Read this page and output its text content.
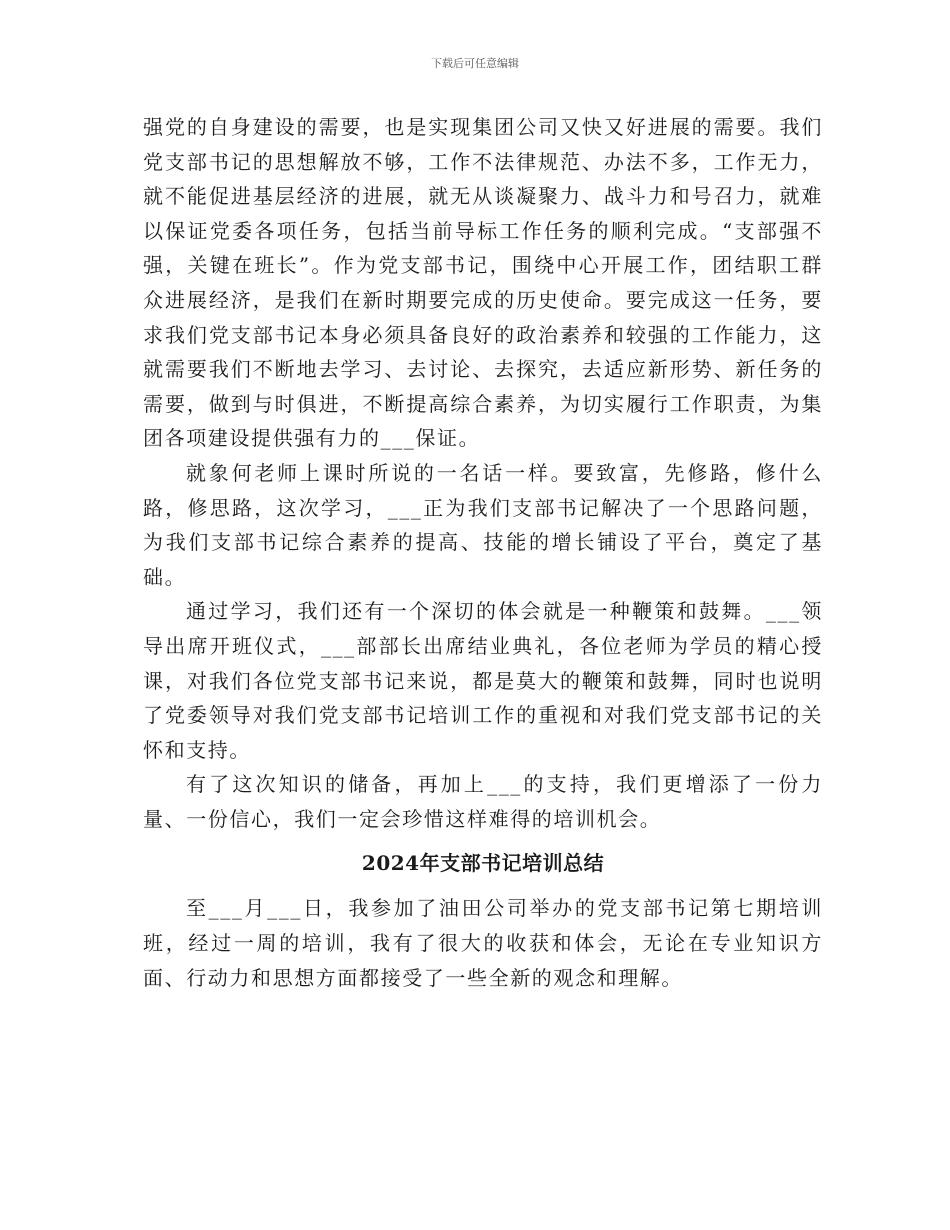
下载后可任意编辑

强党的自身建设的需要，也是实现集团公司又快又好进展的需要。我们党支部书记的思想解放不够，工作不法律规范、办法不多，工作无力，就不能促进基层经济的进展，就无从谈凝聚力、战斗力和号召力，就难以保证党委各项任务，包括当前导标工作任务的顺利完成。“支部强不强，关键在班长”。作为党支部书记，围绕中心开展工作，团结职工群众进展经济，是我们在新时期要完成的历史使命。要完成这一任务，要求我们党支部书记本身必须具备良好的政治素养和较强的工作能力，这就需要我们不断地去学习、去讨论、去探究，去适应新形势、新任务的需要，做到与时俱进，不断提高综合素养，为切实履行工作职责，为集团各项建设提供强有力的___保证。

就象何老师上课时所说的一名话一样。要致富，先修路，修什么路，修思路，这次学习，___正为我们支部书记解决了一个思路问题，为我们支部书记综合素养的提高、技能的增长铺设了平台，奠定了基础。

通过学习，我们还有一个深切的体会就是一种鞭策和鼓舞。___领导出席开班仪式，___部部长出席结业典礼，各位老师为学员的精心授课，对我们各位党支部书记来说，都是莫大的鞭策和鼓舞，同时也说明了党委领导对我们党支部书记培训工作的重视和对我们党支部书记的关怀和支持。

有了这次知识的储备，再加上___的支持，我们更增添了一份力量、一份信心，我们一定会珍惜这样难得的培训机会。

2024年支部书记培训总结

至___月___日，我参加了油田公司举办的党支部书记第七期培训班，经过一周的培训，我有了很大的收获和体会，无论在专业知识方面、行动力和思想方面都接受了一些全新的观念和理解。
